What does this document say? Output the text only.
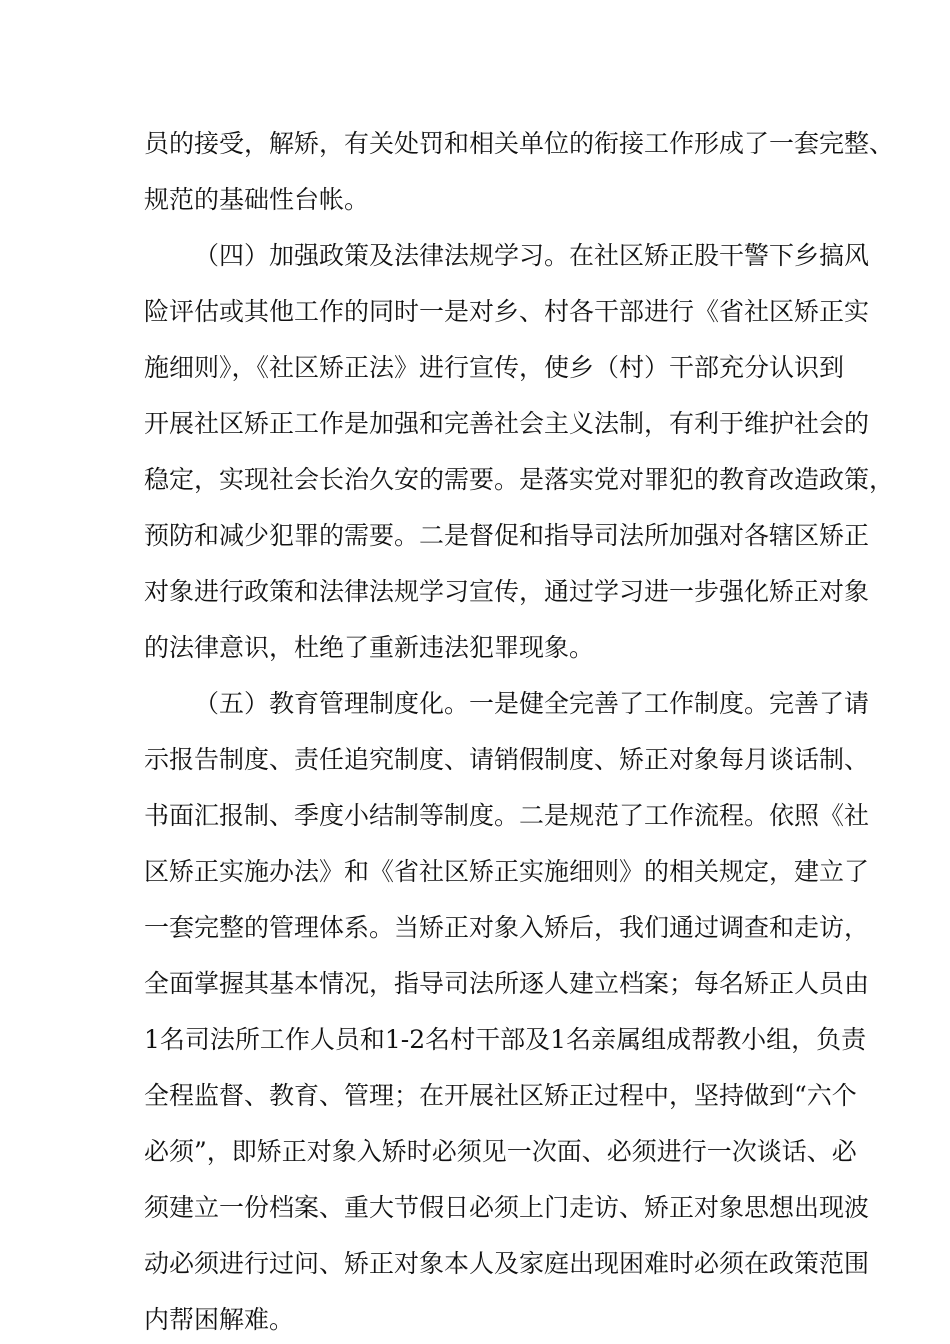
员的接受，解矫，有关处罚和相关单位的衔接工作形成了一套完整、
规范的基础性台帐。
（四）加强政策及法律法规学习。在社区矫正股干警下乡搞风
险评估或其他工作的同时一是对乡、村各干部进行《省社区矫正实
施细则》，《社区矫正法》进行宣传，使乡（村）干部充分认识到
开展社区矫正工作是加强和完善社会主义法制，有利于维护社会的
稳定，实现社会长治久安的需要。是落实党对罪犯的教育改造政策，
预防和减少犯罪的需要。二是督促和指导司法所加强对各辖区矫正
对象进行政策和法律法规学习宣传，通过学习进一步强化矫正对象
的法律意识，杜绝了重新违法犯罪现象。
（五）教育管理制度化。一是健全完善了工作制度。完善了请
示报告制度、责任追究制度、请销假制度、矫正对象每月谈话制、
书面汇报制、季度小结制等制度。二是规范了工作流程。依照《社
区矫正实施办法》和《省社区矫正实施细则》的相关规定，建立了
一套完整的管理体系。当矫正对象入矫后，我们通过调查和走访，
全面掌握其基本情况，指导司法所逐人建立档案；每名矫正人员由
1名司法所工作人员和1-2名村干部及1名亲属组成帮教小组，负责
全程监督、教育、管理；在开展社区矫正过程中，坚持做到“六个
必须”，即矫正对象入矫时必须见一次面、必须进行一次谈话、必
须建立一份档案、重大节假日必须上门走访、矫正对象思想出现波
动必须进行过问、矫正对象本人及家庭出现困难时必须在政策范围
内帮困解难。
